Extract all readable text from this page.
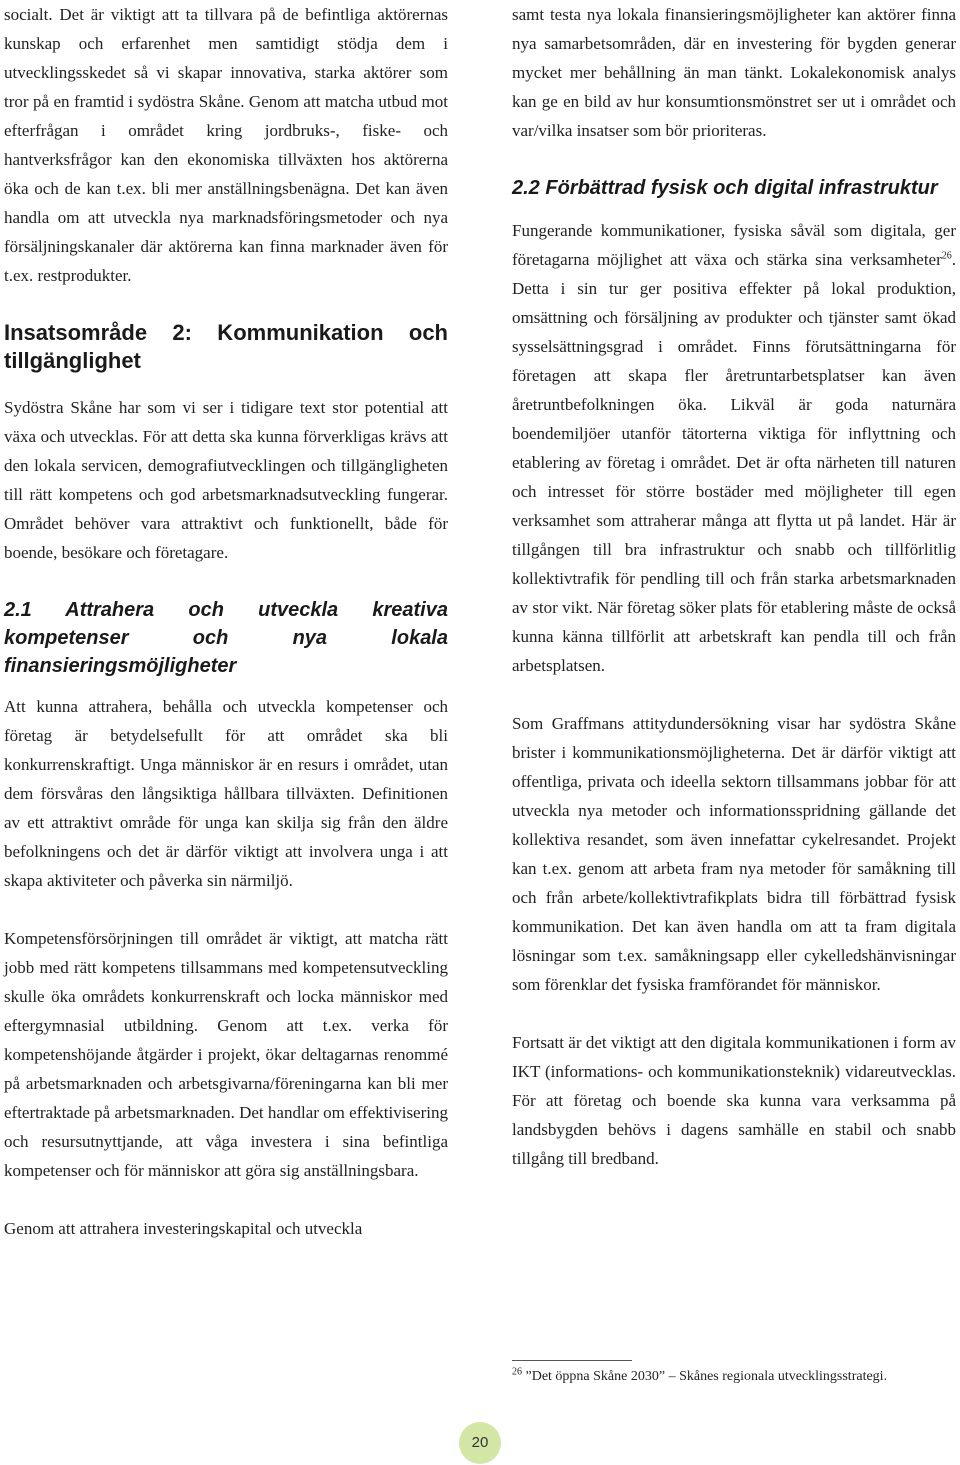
socialt. Det är viktigt att ta tillvara på de befintliga aktörernas kunskap och erfarenhet men samtidigt stödja dem i utvecklingsskedet så vi skapar innovativa, starka aktörer som tror på en framtid i sydöstra Skåne. Genom att matcha utbud mot efterfrågan i området kring jordbruks-, fiske- och hantverksfrågor kan den ekonomiska tillväxten hos aktörerna öka och de kan t.ex. bli mer anställningsbenägna. Det kan även handla om att utveckla nya marknadsföringsmetoder och nya försäljningskanaler där aktörerna kan finna marknader även för t.ex. restprodukter.

Insatsområde 2: Kommunikation och tillgänglighet

Sydöstra Skåne har som vi ser i tidigare text stor potential att växa och utvecklas. För att detta ska kunna förverkligas krävs att den lokala servicen, demografiutvecklingen och tillgängligheten till rätt kompetens och god arbetsmarknadsutveckling fungerar. Området behöver vara attraktivt och funktionellt, både för boende, besökare och företagare.

2.1 Attrahera och utveckla kreativa kompetenser och nya lokala finansieringsmöjligheter

Att kunna attrahera, behålla och utveckla kompetenser och företag är betydelsefullt för att området ska bli konkurrenskraftigt. Unga människor är en resurs i området, utan dem försvåras den långsiktiga hållbara tillväxten. Definitionen av ett attraktivt område för unga kan skilja sig från den äldre befolkningens och det är därför viktigt att involvera unga i att skapa aktiviteter och påverka sin närmiljö.

Kompetensförsörjningen till området är viktigt, att matcha rätt jobb med rätt kompetens tillsammans med kompetensutveckling skulle öka områdets konkurrenskraft och locka människor med eftergymnasial utbildning. Genom att t.ex. verka för kompetenshöjande åtgärder i projekt, ökar deltagarnas renommé på arbetsmarknaden och arbetsgivarna/föreningarna kan bli mer eftertraktade på arbetsmarknaden. Det handlar om effektivisering och resursutnyttjande, att våga investera i sina befintliga kompetenser och för människor att göra sig anställningsbara.

Genom att attrahera investeringskapital och utveckla

samt testa nya lokala finansieringsmöjligheter kan aktörer finna nya samarbetsområden, där en investering för bygden generar mycket mer behållning än man tänkt. Lokalekonomisk analys kan ge en bild av hur konsumtionsmönstret ser ut i området och var/vilka insatser som bör prioriteras.

2.2 Förbättrad fysisk och digital infrastruktur

Fungerande kommunikationer, fysiska såväl som digitala, ger företagarna möjlighet att växa och stärka sina verksamheter$^{26}$. Detta i sin tur ger positiva effekter på lokal produktion, omsättning och försäljning av produkter och tjänster samt ökad sysselsättningsgrad i området. Finns förutsättningarna för företagen att skapa fler åretruntarbetsplatser kan även åretruntbefolkningen öka. Likväl är goda naturnära boendemiljöer utanför tätorterna viktiga för inflyttning och etablering av företag i området. Det är ofta närheten till naturen och intresset för större bostäder med möjligheter till egen verksamhet som attraherar många att flytta ut på landet. Här är tillgången till bra infrastruktur och snabb och tillförlitlig kollektivtrafik för pendling till och från starka arbetsmarknaden av stor vikt. När företag söker plats för etablering måste de också kunna känna tillförlit att arbetskraft kan pendla till och från arbetsplatsen.

Som Graffmans attitydundersökning visar har sydöstra Skåne brister i kommunikationsmöjligheterna. Det är därför viktigt att offentliga, privata och ideella sektorn tillsammans jobbar för att utveckla nya metoder och informationsspridning gällande det kollektiva resandet, som även innefattar cykelresandet. Projekt kan t.ex. genom att arbeta fram nya metoder för samåkning till och från arbete/kollektivtrafikplats bidra till förbättrad fysisk kommunikation. Det kan även handla om att ta fram digitala lösningar som t.ex. samåkningsapp eller cykelledshänvisningar som förenklar det fysiska framförandet för människor.

Fortsatt är det viktigt att den digitala kommunikationen i form av IKT (informations- och kommunikationsteknik) vidareutvecklas. För att företag och boende ska kunna vara verksamma på landsbygden behövs i dagens samhälle en stabil och snabb tillgång till bredband.

$^{26}$ ”Det öppna Skåne 2030” – Skånes regionala utvecklingsstrategi.
20
